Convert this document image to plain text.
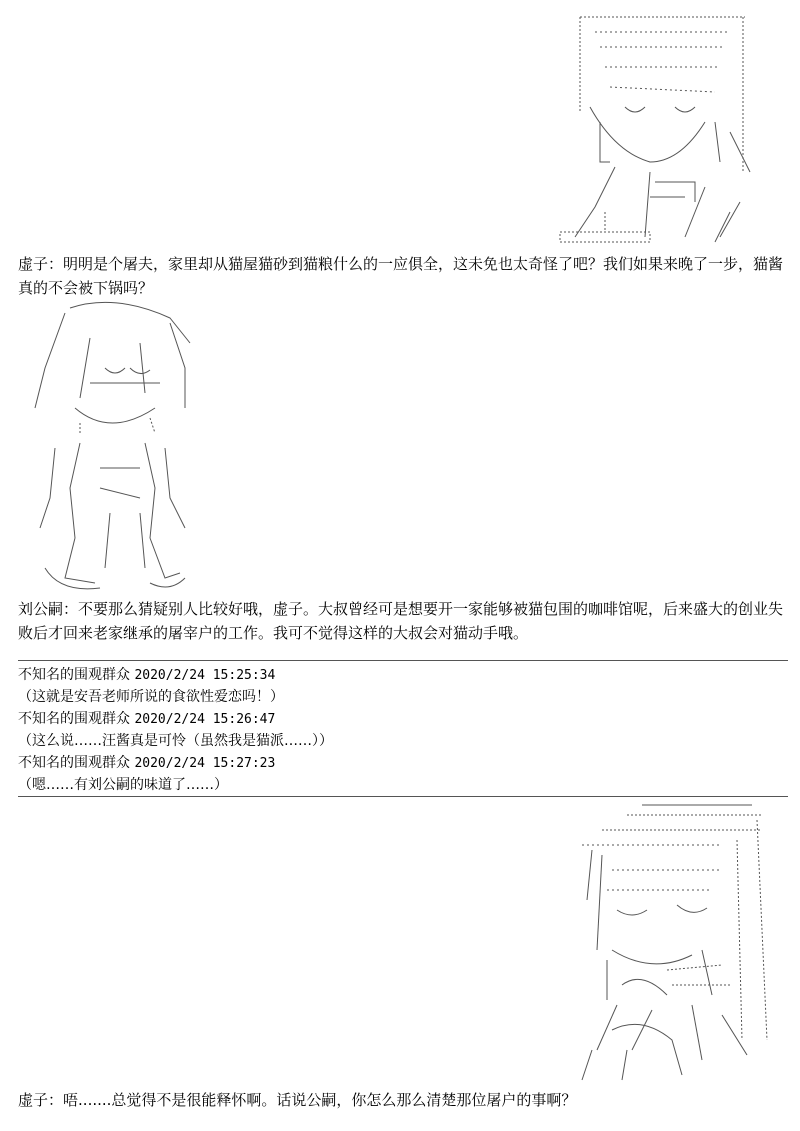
虚子：明明是个屠夫，家里却从猫屋猫砂到猫粮什么的一应俱全，这未免也太奇怪了吧？我们如果来晚了一步，猫酱真的不会被下锅吗？
刘公嗣：不要那么猜疑别人比较好哦，虚子。大叔曾经可是想要开一家能够被猫包围的咖啡馆呢，后来盛大的创业失败后才回来老家继承的屠宰户的工作。我可不觉得这样的大叔会对猫动手哦。
不知名的围观群众 2020/2/24 15:25:34
（这就是安吾老师所说的食欲性爱恋吗！）
不知名的围观群众 2020/2/24 15:26:47
（这么说……汪酱真是可怜（虽然我是猫派……））
不知名的围观群众 2020/2/24 15:27:23
（嗯……有刘公嗣的味道了……）
虚子：唔.......总觉得不是很能释怀啊。话说公嗣，你怎么那么清楚那位屠户的事啊？
